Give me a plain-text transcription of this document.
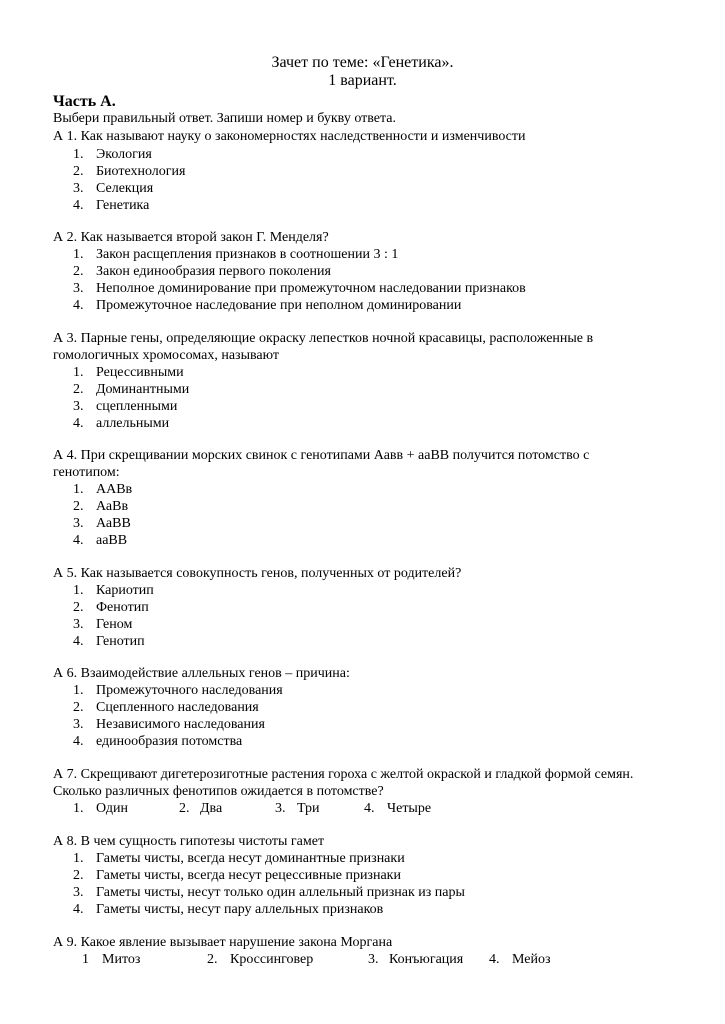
Зачет по теме: «Генетика».
1 вариант.
Часть А.
Выбери правильный ответ. Запиши номер и букву ответа.
А 1. Как называют науку о закономерностях наследственности и изменчивости
1. Экология
2. Биотехнология
3. Селекция
4. Генетика
А 2. Как называется второй закон Г. Менделя?
1. Закон расщепления признаков в соотношении 3 : 1
2. Закон единообразия первого поколения
3. Неполное доминирование при промежуточном наследовании признаков
4. Промежуточное наследование при неполном доминировании
А 3. Парные гены, определяющие окраску лепестков ночной красавицы, расположенные в
гомологичных хромосомах, называют
1. Рецессивными
2. Доминантными
3. сцепленными
4. аллельными
А 4. При скрещивании морских свинок с генотипами Аавв + ааВВ получится потомство с
генотипом:
1. ААВв
2. АаВв
3. АаВВ
4. ааВВ
А 5. Как называется совокупность генов, полученных от родителей?
1. Кариотип
2. Фенотип
3. Геном
4. Генотип
А 6. Взаимодействие аллельных генов – причина:
1. Промежуточного наследования
2. Сцепленного наследования
3. Независимого наследования
4. единообразия потомства
А 7. Скрещивают дигетерозиготные растения гороха с желтой окраской и гладкой формой семян.
Сколько различных фенотипов ожидается в потомстве?
1. Один	2. Два	3. Три	4. Четыре
А 8. В чем сущность гипотезы чистоты гамет
1. Гаметы чисты, всегда несут доминантные признаки
2. Гаметы чисты, всегда несут рецессивные признаки
3. Гаметы чисты, несут только один аллельный признак из пары
4. Гаметы чисты, несут пару аллельных признаков
А 9. Какое явление вызывает нарушение закона Моргана
1 Митоз	2. Кроссинговер	3. Конъюгация 4. Мейоз
